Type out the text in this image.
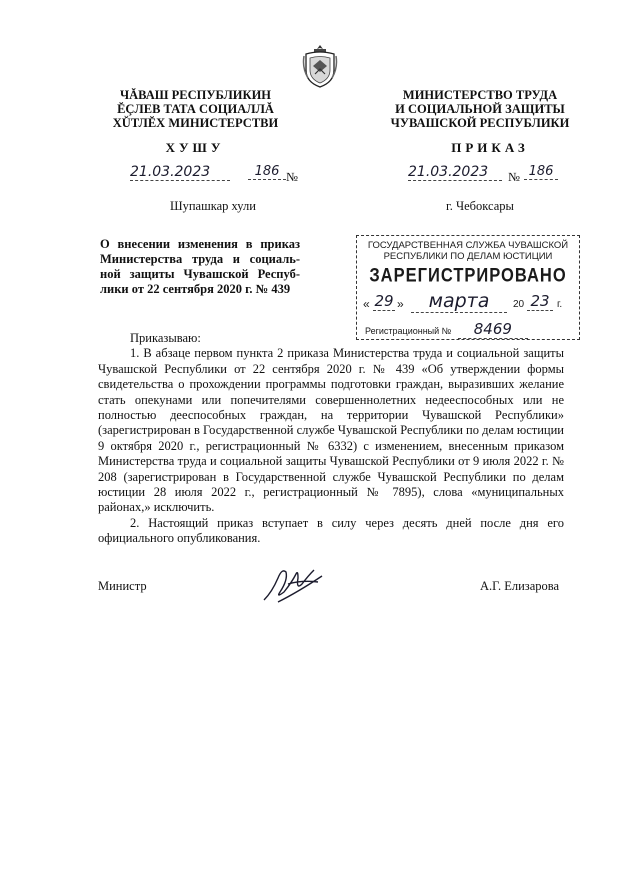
ЧĂВАШ РЕСПУБЛИКИН
ĔÇЛЕВ ТАТА СОЦИАЛЛĂ
ХŬТЛĔХ МИНИСТЕРСТВИ
МИНИСТЕРСТВО ТРУДА
И СОЦИАЛЬНОЙ ЗАЩИТЫ
ЧУВАШСКОЙ РЕСПУБЛИКИ
ХУШУ	ПРИКАЗ
21.03.2023	186 №	21.03.2023	№ 186
Шупашкар хули	г. Чебоксары
О внесении изменения в приказ Министерства труда и социаль-ной защиты Чувашской Респуб-лики от 22 сентября 2020 г. № 439
ГОСУДАРСТВЕННАЯ СЛУЖБА ЧУВАШСКОЙ
РЕСПУБЛИКИ ПО ДЕЛАМ ЮСТИЦИИ
ЗАРЕГИСТРИРОВАНО
« 29 »	марта	20 23 г.
Регистрационный № 8469

Приказываю:

1. В абзаце первом пункта 2 приказа Министерства труда и социальной защиты Чувашской Республики от 22 сентября 2020 г. № 439 «Об утверждении формы свидетельства о прохождении программы подготовки граждан, выразивших желание стать опекунами или попечителями совершеннолетних недееспособных или не полностью дееспособных граждан, на территории Чувашской Республики» (зарегистрирован в Государственной службе Чувашской Республики по делам юстиции 9 октября 2020 г., регистрационный № 6332) с изменением, внесенным приказом Министерства труда и социальной защиты Чувашской Республики от 9 июля 2022 г. № 208 (зарегистрирован в Государственной службе Чувашской Республики по делам юстиции 28 июля 2022 г., регистрационный № 7895), слова «муниципальных районах,» исключить.

2. Настоящий приказ вступает в силу через десять дней после дня его официального опубликования.

Министр	А.Г. Елизарова
